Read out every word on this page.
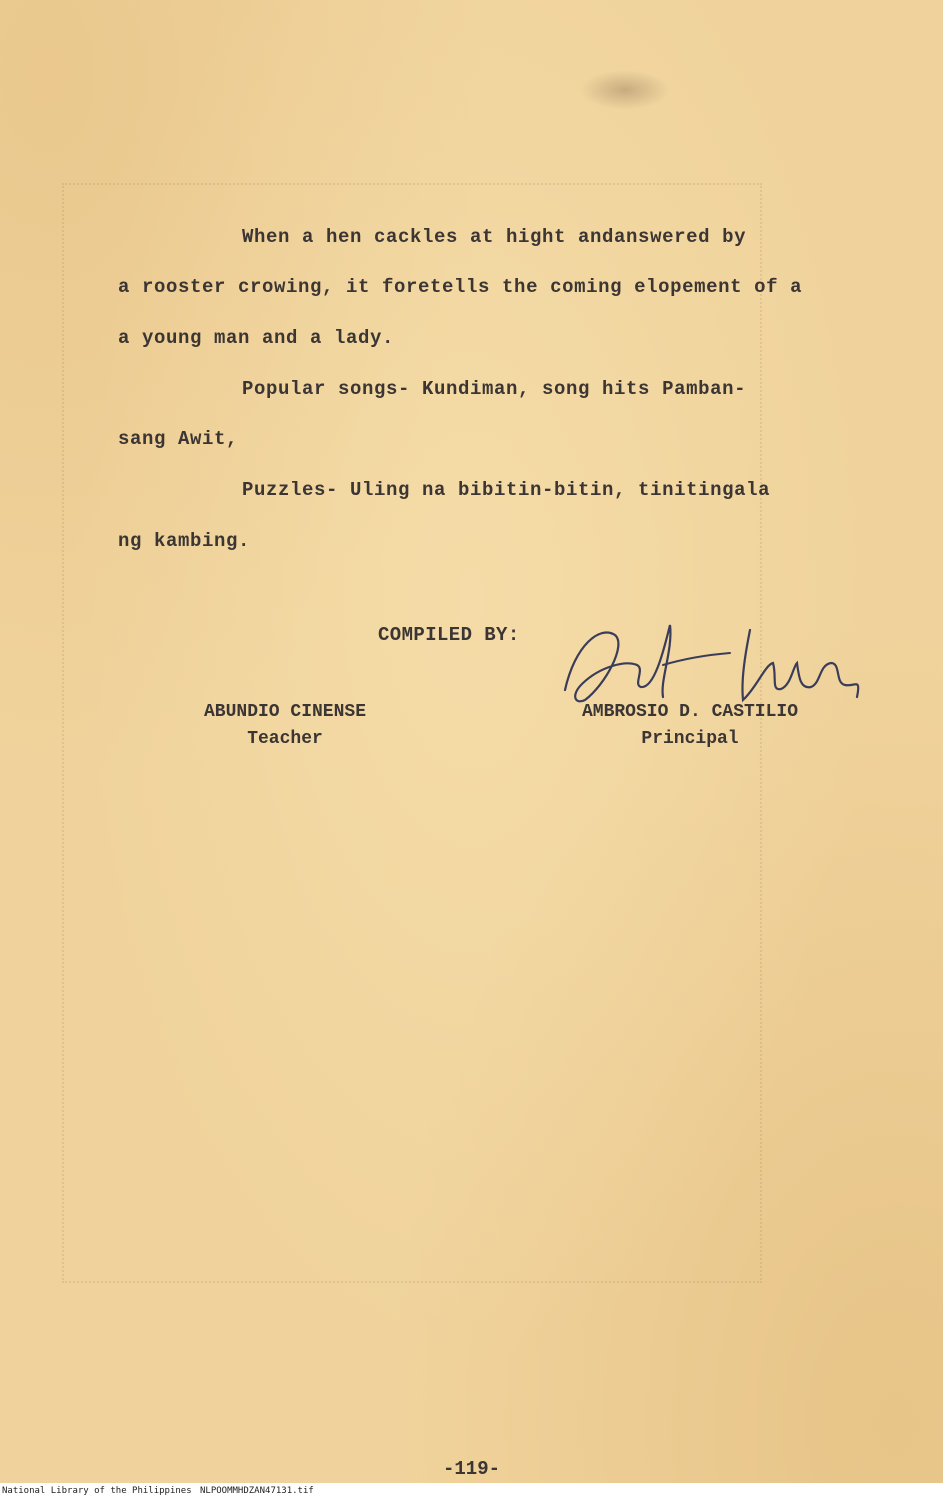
When a hen cackles at hight andanswered by
a rooster crowing, it foretells the coming elopement of a
a young man and a lady.
Popular songs- Kundiman, song hits Pamban-
sang Awit,
Puzzles- Uling na bibitin-bitin, tinitingala
ng kambing.
COMPILED BY:
ABUNDIO CINENSE
Teacher
AMBROSIO D. CASTILIO
Principal
-119-
National Library of the Philippines NLPOOMMHDZAN47131.tif
